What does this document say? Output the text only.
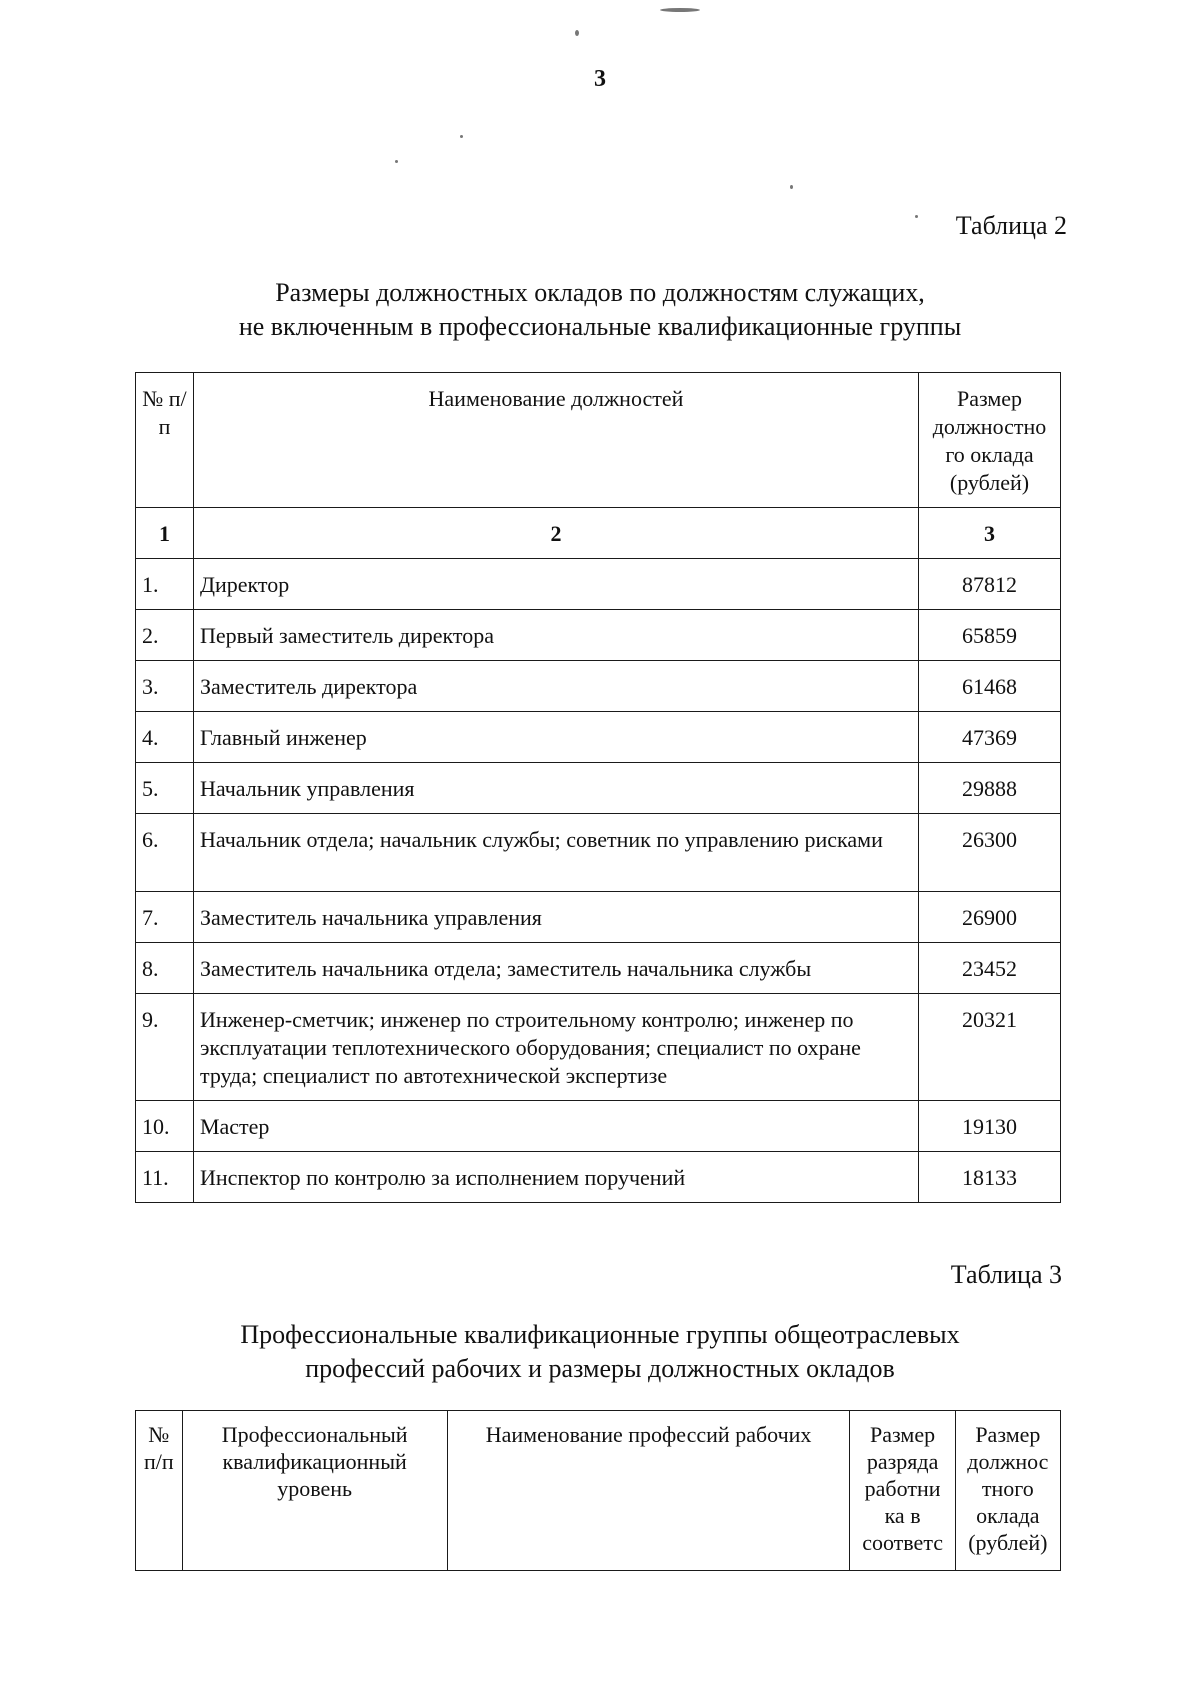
3
Таблица 2
Размеры должностных окладов по должностям служащих,
не включенным в профессиональные квалификационные группы
№ п/п	Наименование должностей	Размер должностно го оклада (рублей)
1	2	3
1.	Директор	87812
2.	Первый заместитель директора	65859
3.	Заместитель директора	61468
4.	Главный инженер	47369
5.	Начальник управления	29888
6.	Начальник отдела; начальник службы; советник по управлению рисками	26300
7.	Заместитель начальника управления	26900
8.	Заместитель начальника отдела; заместитель начальника службы	23452
9.	Инженер-сметчик; инженер по строительному контролю; инженер по эксплуатации теплотехнического оборудования; специалист по охране труда; специалист по автотехнической экспертизе	20321
10.	Мастер	19130
11.	Инспектор по контролю за исполнением поручений	18133
Таблица 3
Профессиональные квалификационные группы общеотраслевых
профессий рабочих и размеры должностных окладов
№ п/п	Профессиональный квалификационный уровень	Наименование профессий рабочих	Размер разряда работни ка в соответс	Размер должнос тного оклада (рублей)
